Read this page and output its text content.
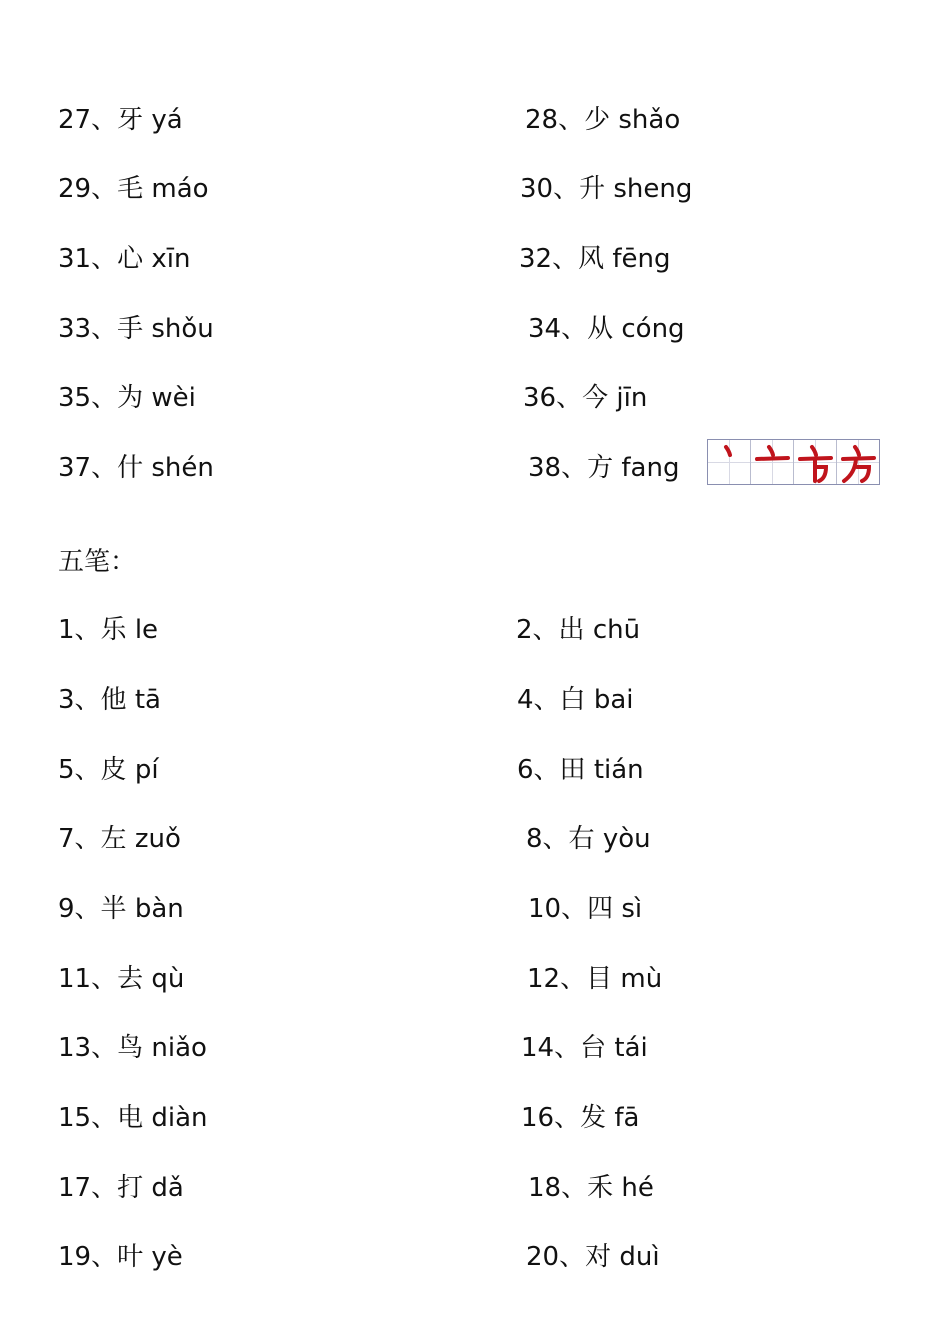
27、牙 yá	28、少 shǎo
29、毛 máo	30、升 sheng
31、心 xīn	32、风 fēng
33、手 shǒu	34、从 cóng
35、为 wèi	36、今 jīn
37、什 shén	38、方 fang
五笔：
1、乐 le	2、出 chū
3、他 tā	4、白 bai
5、皮 pí	6、田 tián
7、左 zuǒ	8、右 yòu
9、半 bàn	10、四 sì
11、去 qù	12、目 mù
13、鸟 niǎo	14、台 tái
15、电 diàn	16、发 fā
17、打 dǎ	18、禾 hé
19、叶 yè	20、对 duì
